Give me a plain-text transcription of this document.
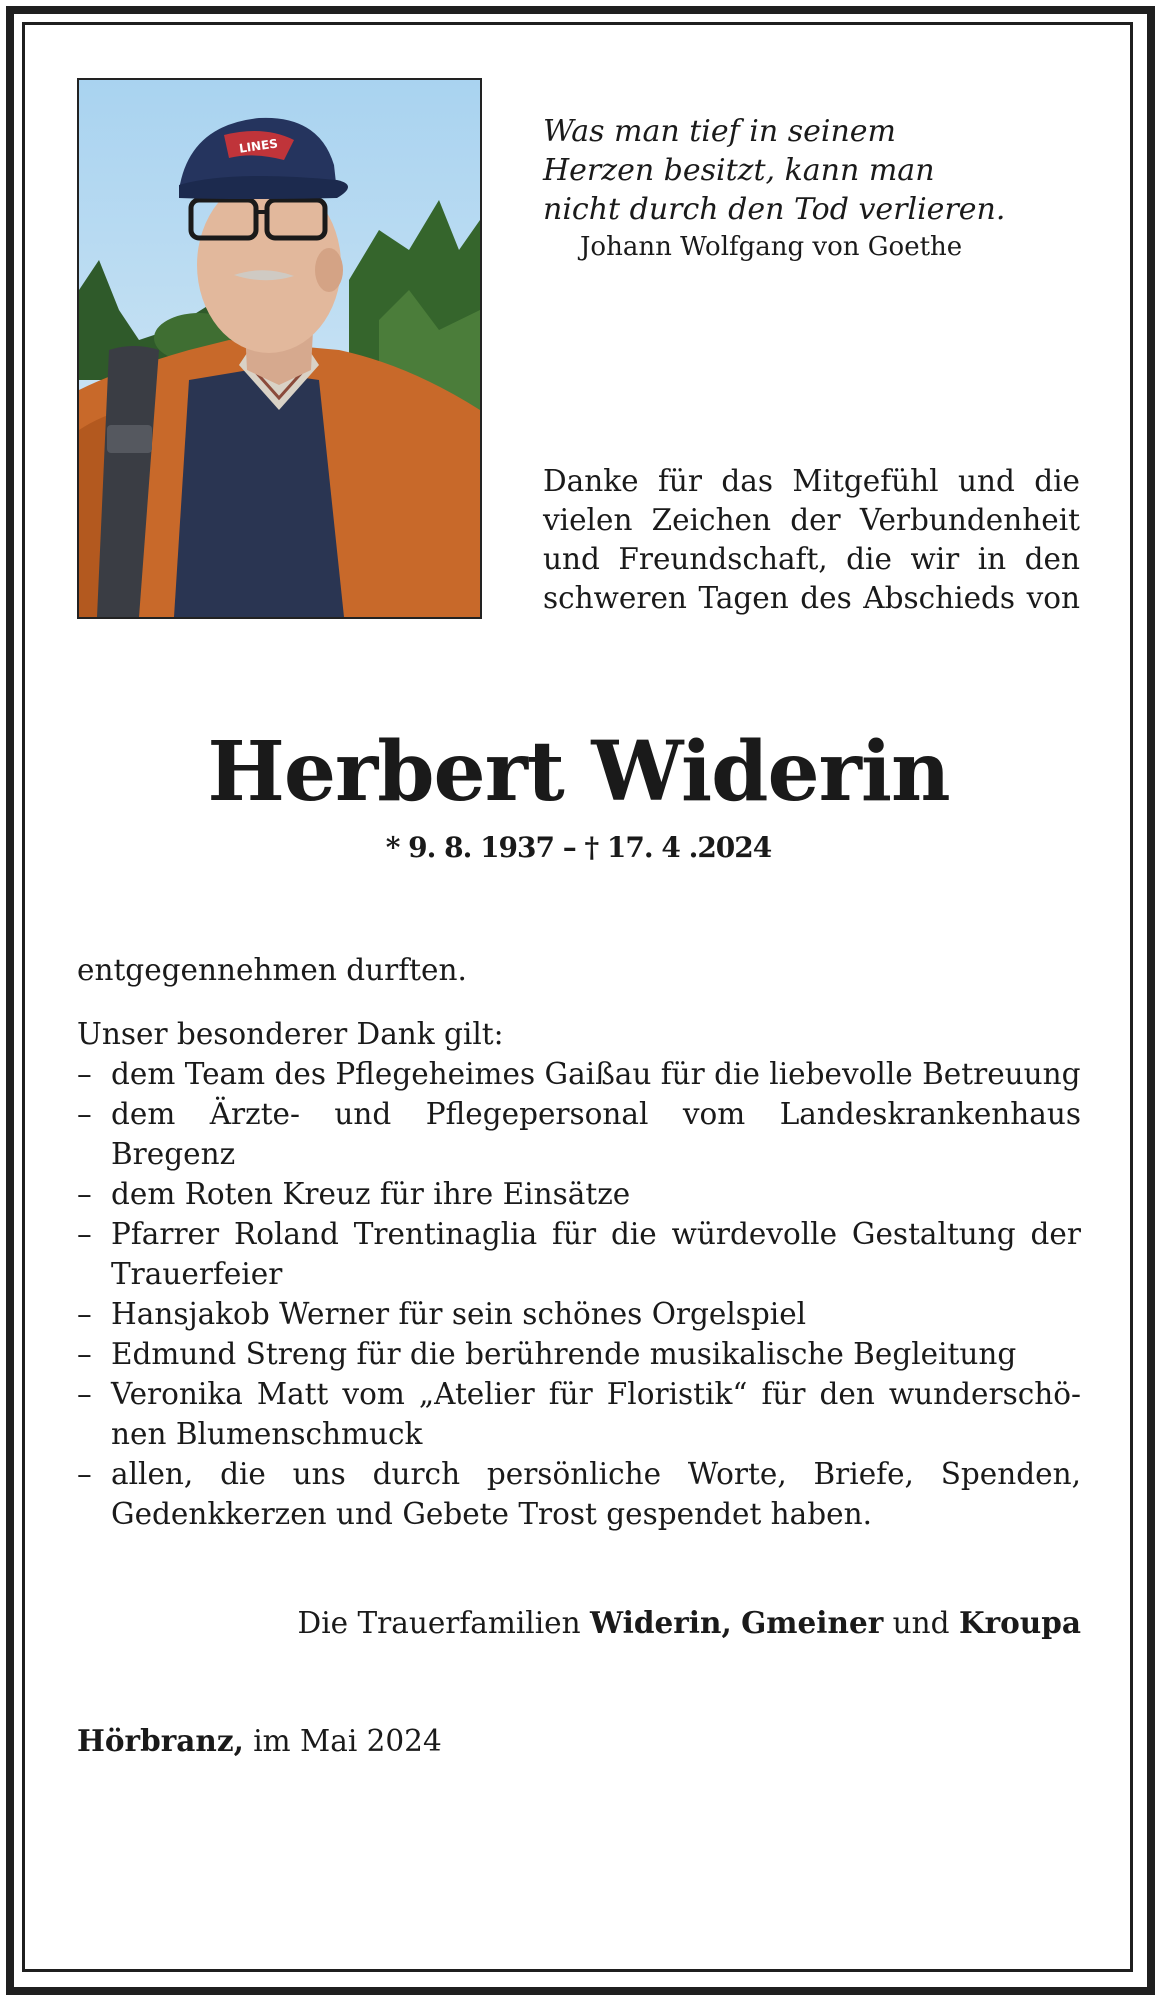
LINES	Was man tief in seinem
Herzen besitzt, kann man
nicht durch den Tod verlieren.
Johann Wolfgang von Goethe
Danke für das Mitgefühl und die
vielen Zeichen der Verbundenheit
und Freundschaft, die wir in den
schweren Tagen des Abschieds von
Herbert Widerin
* 9. 8. 1937 – † 17. 4 .2024

entgegennehmen durften.

Unser besonderer Dank gilt:

– dem Team des Pflegeheimes Gaißau für die liebevolle Betreuung
– dem Ärzte- und Pflegepersonal vom Landeskrankenhaus Bregenz
– dem Roten Kreuz für ihre Einsätze
– Pfarrer Roland Trentinaglia für die würdevolle Gestaltung der Trauerfeier
– Hansjakob Werner für sein schönes Orgelspiel
– Edmund Streng für die berührende musikalische Begleitung
– Veronika Matt vom „Atelier für Floristik“ für den wunderschö-nen Blumenschmuck
– allen, die uns durch persönliche Worte, Briefe, Spenden, Gedenkkerzen und Gebete Trost gespendet haben.
Die Trauerfamilien Widerin, Gmeiner und Kroupa
Hörbranz, im Mai 2024
